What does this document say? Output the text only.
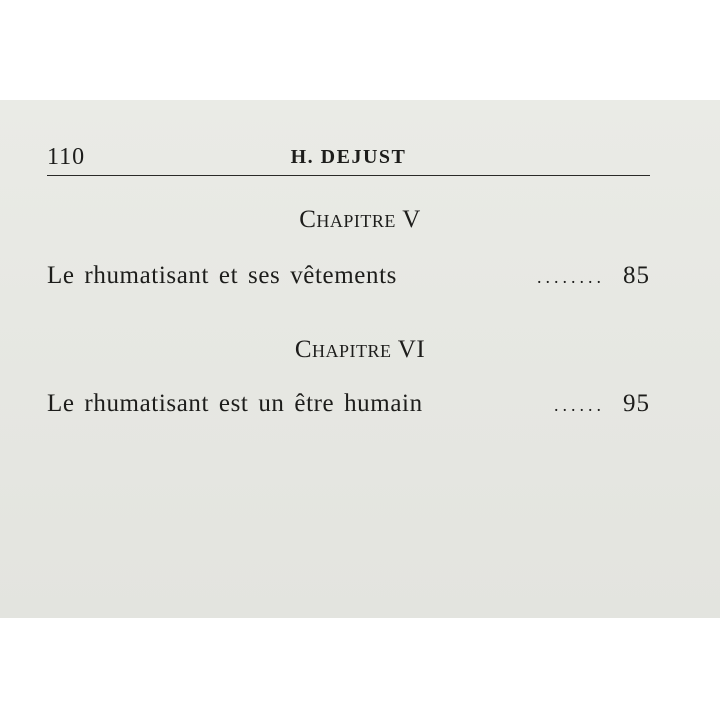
110	H. DEJUST
Chapitre V
Le rhumatisant et ses vêtements	........ 85
Chapitre VI
Le rhumatisant est un être humain	...... 95
